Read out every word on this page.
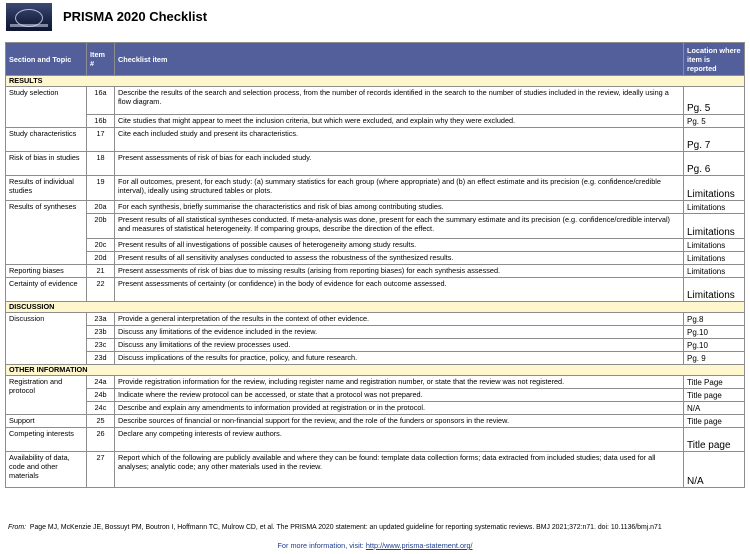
PRISMA 2020 Checklist
Section and Topic	Item #	Checklist item	Location where item is reported
RESULTS			
Study selection	16a	Describe the results of the search and selection process, from the number of records identified in the search to the number of studies included in the review, ideally using a flow diagram.	Pg. 5
	16b	Cite studies that might appear to meet the inclusion criteria, but which were excluded, and explain why they were excluded.	Pg. 5
Study characteristics	17	Cite each included study and present its characteristics.	Pg. 7
Risk of bias in studies	18	Present assessments of risk of bias for each included study.	Pg. 6
Results of individual studies	19	For all outcomes, present, for each study: (a) summary statistics for each group (where appropriate) and (b) an effect estimate and its precision (e.g. confidence/credible interval), ideally using structured tables or plots.	Limitations
Results of syntheses	20a	For each synthesis, briefly summarise the characteristics and risk of bias among contributing studies.	Limitations
	20b	Present results of all statistical syntheses conducted. If meta-analysis was done, present for each the summary estimate and its precision (e.g. confidence/credible interval) and measures of statistical heterogeneity. If comparing groups, describe the direction of the effect.	Limitations
	20c	Present results of all investigations of possible causes of heterogeneity among study results.	Limitations
	20d	Present results of all sensitivity analyses conducted to assess the robustness of the synthesized results.	Limitations
Reporting biases	21	Present assessments of risk of bias due to missing results (arising from reporting biases) for each synthesis assessed.	Limitations
Certainty of evidence	22	Present assessments of certainty (or confidence) in the body of evidence for each outcome assessed.	Limitations
DISCUSSION			
Discussion	23a	Provide a general interpretation of the results in the context of other evidence.	Pg.8
	23b	Discuss any limitations of the evidence included in the review.	Pg.10
	23c	Discuss any limitations of the review processes used.	Pg.10
	23d	Discuss implications of the results for practice, policy, and future research.	Pg. 9
OTHER INFORMATION			
Registration and protocol	24a	Provide registration information for the review, including register name and registration number, or state that the review was not registered.	Title Page
	24b	Indicate where the review protocol can be accessed, or state that a protocol was not prepared.	Title page
	24c	Describe and explain any amendments to information provided at registration or in the protocol.	N/A
Support	25	Describe sources of financial or non-financial support for the review, and the role of the funders or sponsors in the review.	Title page
Competing interests	26	Declare any competing interests of review authors.	Title page
Availability of data, code and other materials	27	Report which of the following are publicly available and where they can be found: template data collection forms; data extracted from included studies; data used for all analyses; analytic code; any other materials used in the review.	N/A
From: Page MJ, McKenzie JE, Bossuyt PM, Boutron I, Hoffmann TC, Mulrow CD, et al. The PRISMA 2020 statement: an updated guideline for reporting systematic reviews. BMJ 2021;372:n71. doi: 10.1136/bmj.n71
For more information, visit: http://www.prisma-statement.org/
